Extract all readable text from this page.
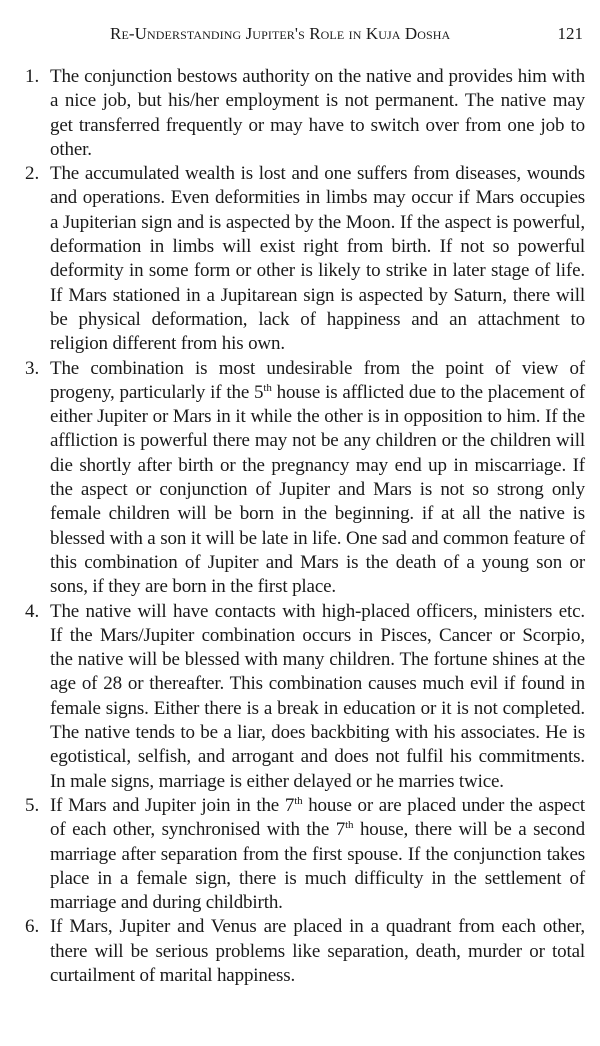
Re-Understanding Jupiter's Role in Kuja Dosha	121
1. The conjunction bestows authority on the native and provides him with a nice job, but his/her employment is not permanent. The native may get transferred frequently or may have to switch over from one job to other.
2. The accumulated wealth is lost and one suffers from diseases, wounds and operations. Even deformities in limbs may occur if Mars occupies a Jupiterian sign and is aspected by the Moon. If the aspect is powerful, deformation in limbs will exist right from birth. If not so powerful deformity in some form or other is likely to strike in later stage of life. If Mars stationed in a Jupitarean sign is aspected by Saturn, there will be physical deformation, lack of happiness and an attachment to religion different from his own.
3. The combination is most undesirable from the point of view of progeny, particularly if the 5th house is afflicted due to the placement of either Jupiter or Mars in it while the other is in opposition to him. If the affliction is powerful there may not be any children or the children will die shortly after birth or the pregnancy may end up in miscarriage. If the aspect or conjunction of Jupiter and Mars is not so strong only female children will be born in the beginning. if at all the native is blessed with a son it will be late in life. One sad and common feature of this combination of Jupiter and Mars is the death of a young son or sons, if they are born in the first place.
4. The native will have contacts with high-placed officers, ministers etc. If the Mars/Jupiter combination occurs in Pisces, Cancer or Scorpio, the native will be blessed with many children. The fortune shines at the age of 28 or thereafter. This combination causes much evil if found in female signs. Either there is a break in education or it is not completed. The native tends to be a liar, does backbiting with his associates. He is egotistical, selfish, and arrogant and does not fulfil his commitments. In male signs, marriage is either delayed or he marries twice.
5. If Mars and Jupiter join in the 7th house or are placed under the aspect of each other, synchronised with the 7th house, there will be a second marriage after separation from the first spouse. If the conjunction takes place in a female sign, there is much difficulty in the settlement of marriage and during childbirth.
6. If Mars, Jupiter and Venus are placed in a quadrant from each other, there will be serious problems like separation, death, murder or total curtailment of marital happiness.
